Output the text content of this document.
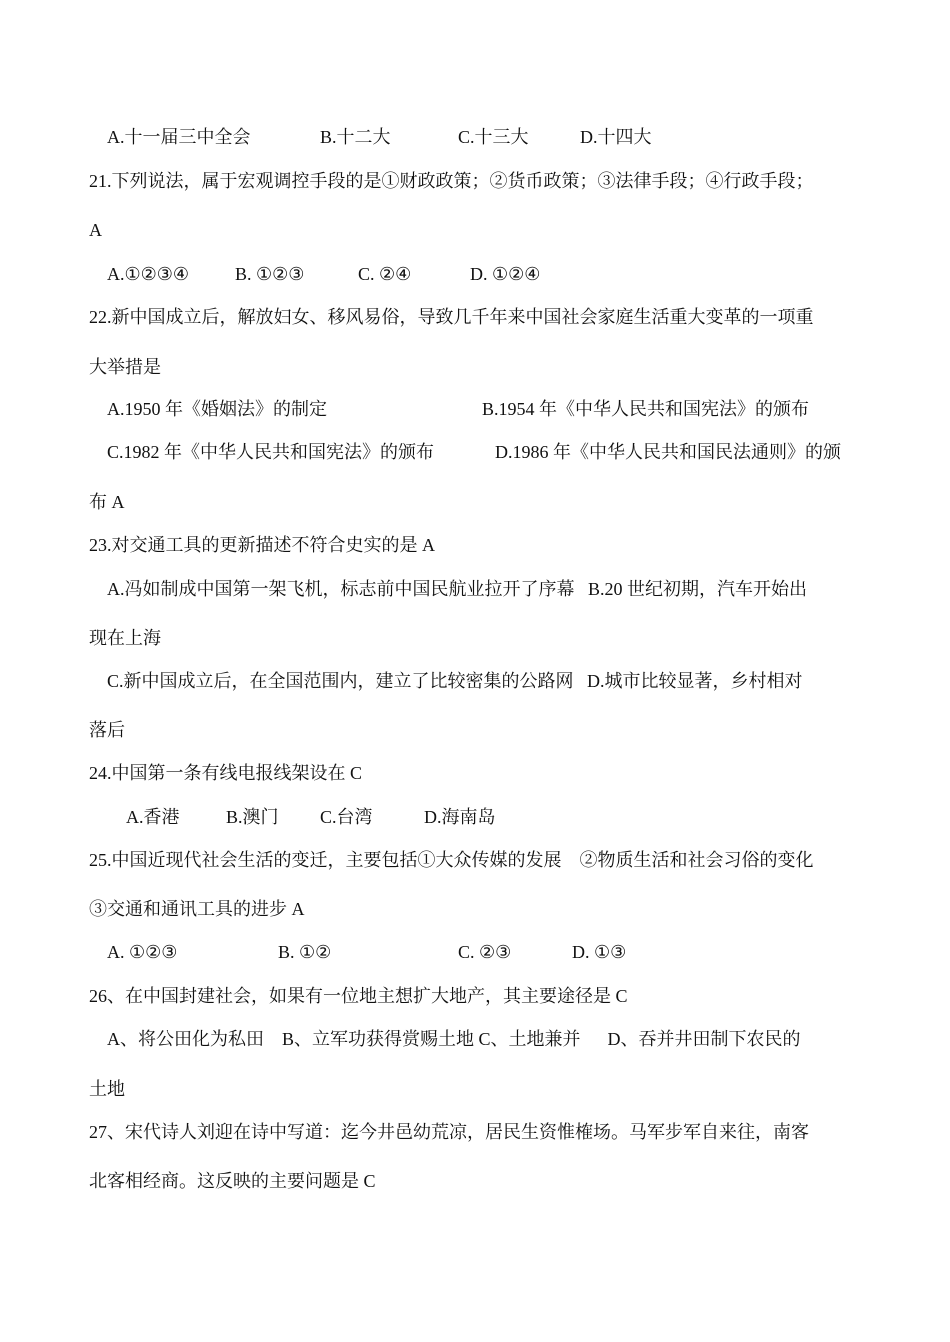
A.十一届三中全会	B.十二大	C.十三大	D.十四大
21.下列说法，属于宏观调控手段的是①财政政策；②货币政策；③法律手段；④行政手段；
A
A.①②③④	B. ①②③	C. ②④	D. ①②④
22.新中国成立后，解放妇女、移风易俗，导致几千年来中国社会家庭生活重大变革的一项重
大举措是
A.1950 年《婚姻法》的制定	B.1954 年《中华人民共和国宪法》的颁布
C.1982 年《中华人民共和国宪法》的颁布	D.1986 年《中华人民共和国民法通则》的颁
布 A
23.对交通工具的更新描述不符合史实的是 A
A.冯如制成中国第一架飞机，标志前中国民航业拉开了序幕   B.20 世纪初期，汽车开始出
现在上海
C.新中国成立后，在全国范围内，建立了比较密集的公路网   D.城市比较显著，乡村相对
落后
24.中国第一条有线电报线架设在 C
A.香港	B.澳门 C.台湾	D.海南岛
25.中国近现代社会生活的变迁，主要包括①大众传媒的发展    ②物质生活和社会习俗的变化
③交通和通讯工具的进步 A
A. ①②③	B. ①②	C. ②③	D. ①③
26、在中国封建社会，如果有一位地主想扩大地产，其主要途径是 C
A、将公田化为私田    B、立军功获得赏赐土地 C、土地兼并      D、吞并井田制下农民的
土地
27、宋代诗人刘迎在诗中写道：迄今井邑幼荒凉，居民生资惟榷场。马军步军自来往，南客
北客相经商。这反映的主要问题是 C
